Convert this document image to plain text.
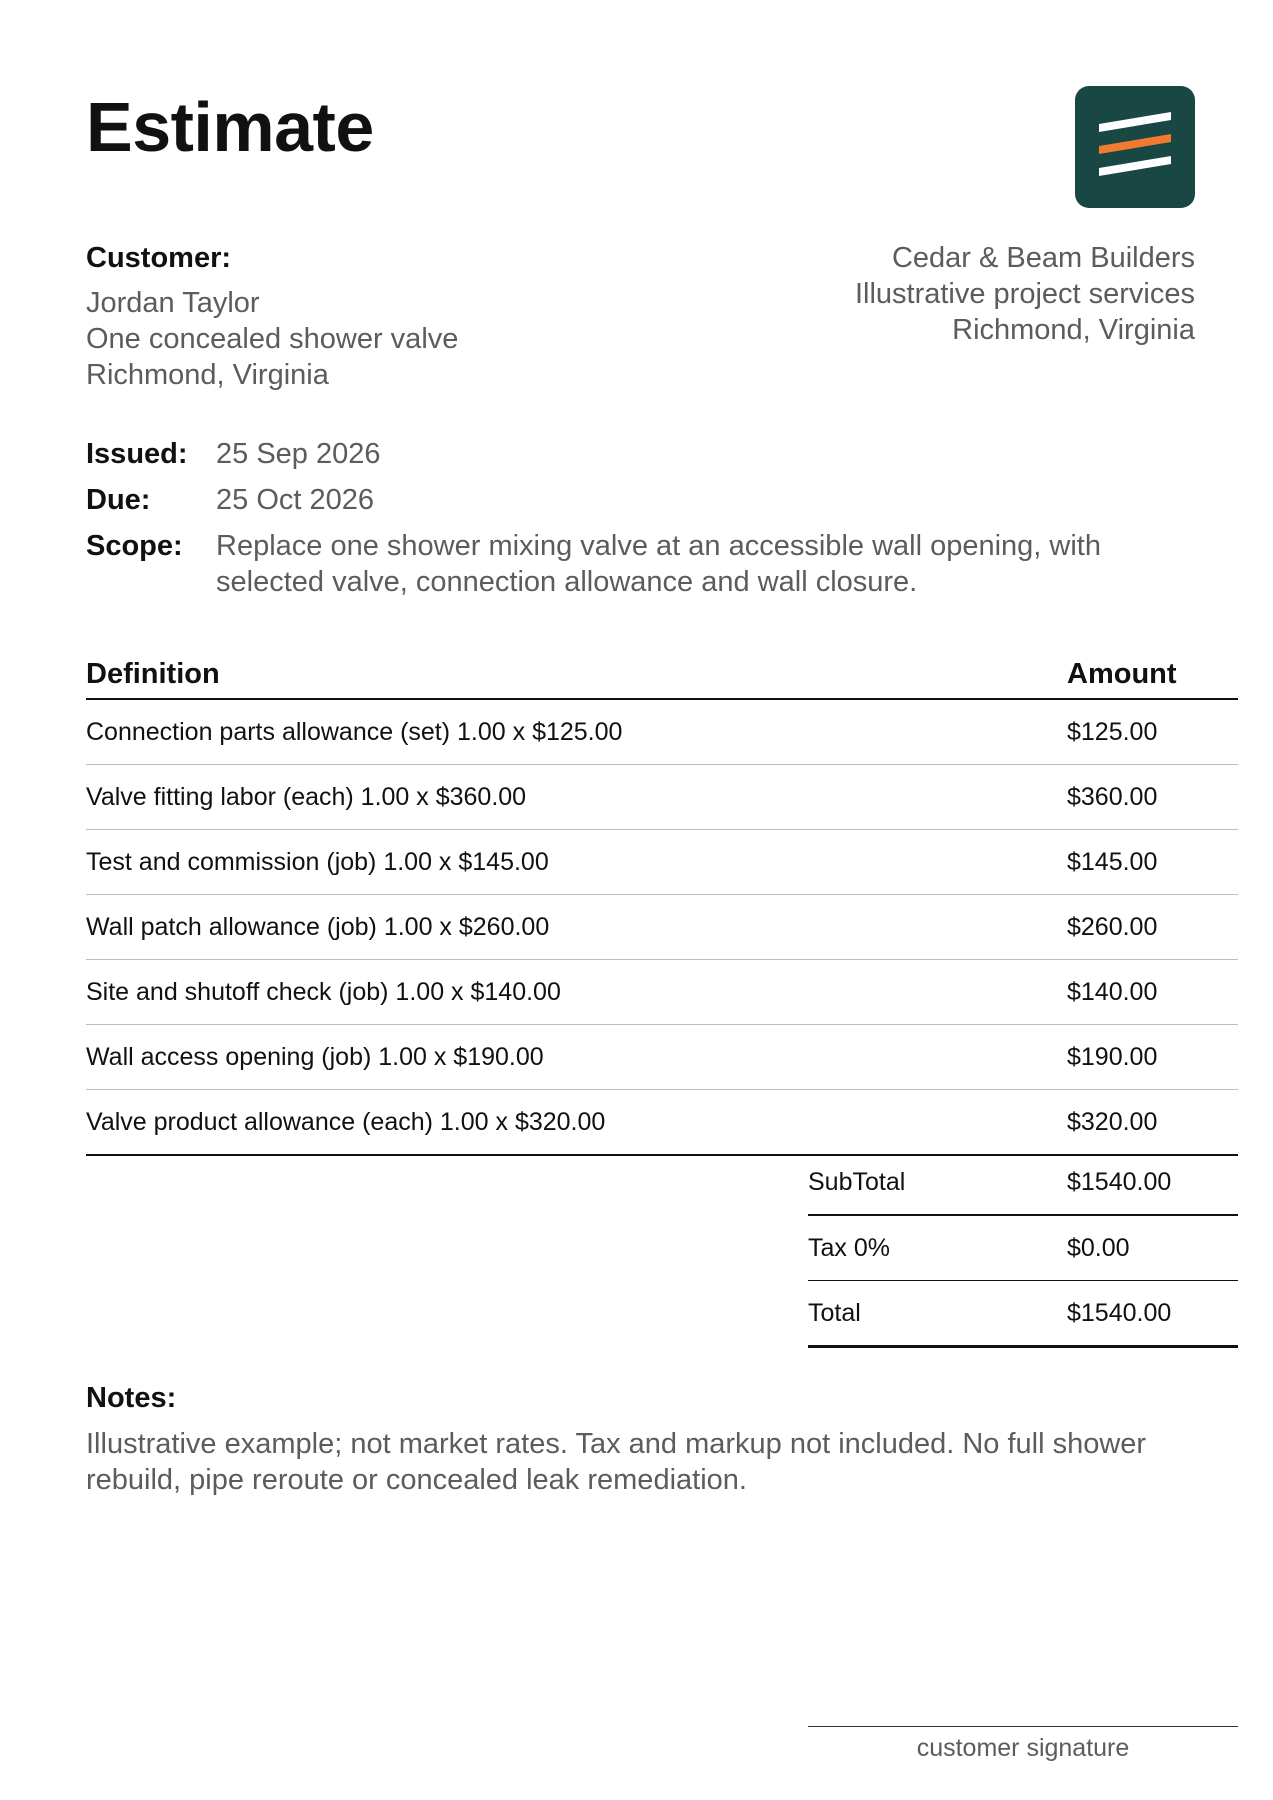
Estimate
Customer:
Jordan Taylor
One concealed shower valve
Richmond, Virginia
Cedar & Beam Builders
Illustrative project services
Richmond, Virginia
Issued: 25 Sep 2026
Due:	25 Oct 2026
Scope:	Replace one shower mixing valve at an accessible wall opening, with selected valve, connection allowance and wall closure.
Definition	Amount
Connection parts allowance (set) 1.00 x $125.00	$125.00
Valve fitting labor (each) 1.00 x $360.00	$360.00
Test and commission (job) 1.00 x $145.00	$145.00
Wall patch allowance (job) 1.00 x $260.00	$260.00
Site and shutoff check (job) 1.00 x $140.00	$140.00
Wall access opening (job) 1.00 x $190.00	$190.00
Valve product allowance (each) 1.00 x $320.00	$320.00
SubTotal	$1540.00
Tax 0%	$0.00
Total	$1540.00
Notes:
Illustrative example; not market rates. Tax and markup not included. No full shower rebuild, pipe reroute or concealed leak remediation.
customer signature
